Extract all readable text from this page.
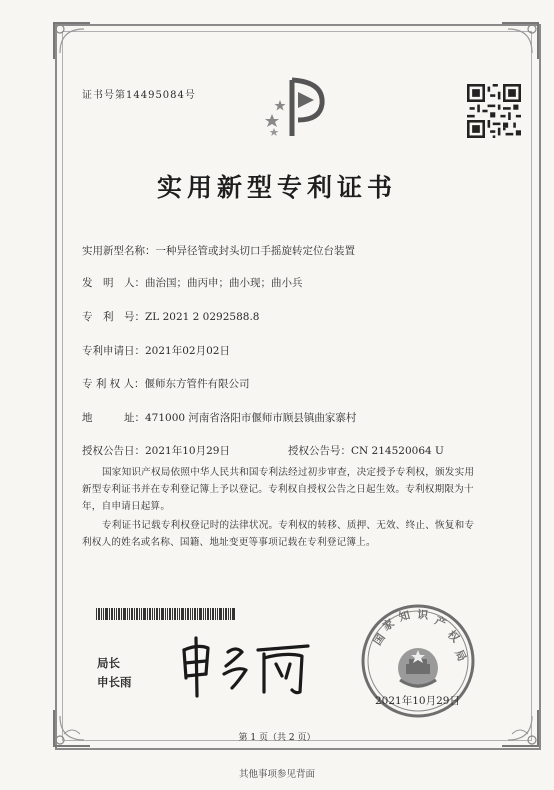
证书号第14495084号
实用新型专利证书
实用新型名称：一种异径管或封头切口手摇旋转定位台装置
发　明　人：曲治国；曲丙申；曲小现；曲小兵
专　利　号：ZL 2021 2 0292588.8
专利申请日：2021年02月02日
专 利 权 人：偃师东方管件有限公司
地　　　址：471000 河南省洛阳市偃师市顾县镇曲家寨村
授权公告日：2021年10月29日	授权公告号：CN 214520064 U
国家知识产权局依照中华人民共和国专利法经过初步审查，决定授予专利权，颁发实用
新型专利证书并在专利登记簿上予以登记。专利权自授权公告之日起生效。专利权期限为十
年，自申请日起算。
专利证书记载专利权登记时的法律状况。专利权的转移、质押、无效、终止、恢复和专
利权人的姓名或名称、国籍、地址变更等事项记载在专利登记簿上。
局长
申长雨
国
家
知 识 产
权
局
2021年10月29日
第 1 页（共 2 页）
其他事项参见背面
